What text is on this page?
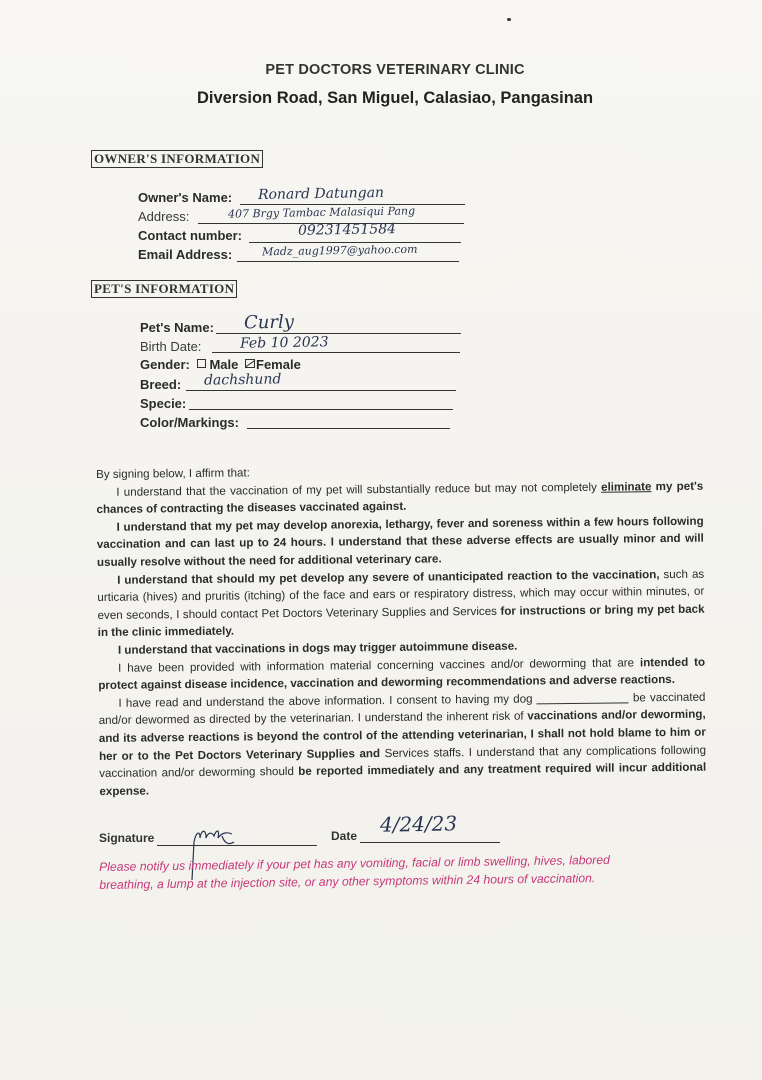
PET DOCTORS VETERINARY CLINIC
Diversion Road, San Miguel, Calasiao, Pangasinan
OWNER'S INFORMATION
Owner's Name: Ronard Datungan
Address:	407 Brgy Tambac Malasiqui Pang
Contact number:	09231451584
Email Address:	Madz_aug1997@yahoo.com
PET'S INFORMATION
Pet's Name: Curly
Birth Date:	Feb 10 2023
Gender: Male Female
Breed: dachshund
Specie:
Color/Markings:

By signing below, I affirm that:

I understand that the vaccination of my pet will substantially reduce but may not completely eliminate my pet's chances of contracting the diseases vaccinated against.

I understand that my pet may develop anorexia, lethargy, fever and soreness within a few hours following vaccination and can last up to 24 hours. I understand that these adverse effects are usually minor and will usually resolve without the need for additional veterinary care.

I understand that should my pet develop any severe of unanticipated reaction to the vaccination, such as urticaria (hives) and pruritis (itching) of the face and ears or respiratory distress, which may occur within minutes, or even seconds, I should contact Pet Doctors Veterinary Supplies and Services for instructions or bring my pet back in the clinic immediately.

I understand that vaccinations in dogs may trigger autoimmune disease.

I have been provided with information material concerning vaccines and/or deworming that are intended to protect against disease incidence, vaccination and deworming recommendations and adverse reactions.

I have read and understand the above information. I consent to having my dog	be vaccinated and/or dewormed as directed by the veterinarian. I understand the inherent risk of vaccinations and/or deworming, and its adverse reactions is beyond the control of the attending veterinarian, I shall not hold blame to him or her or to the Pet Doctors Veterinary Supplies and Services staffs. I understand that any complications following vaccination and/or deworming should be reported immediately and any treatment required will incur additional expense.

Signature	Date 4/24/23
Please notify us immediately if your pet has any vomiting, facial or limb swelling, hives, labored breathing, a lump at the injection site, or any other symptoms within 24 hours of vaccination.
